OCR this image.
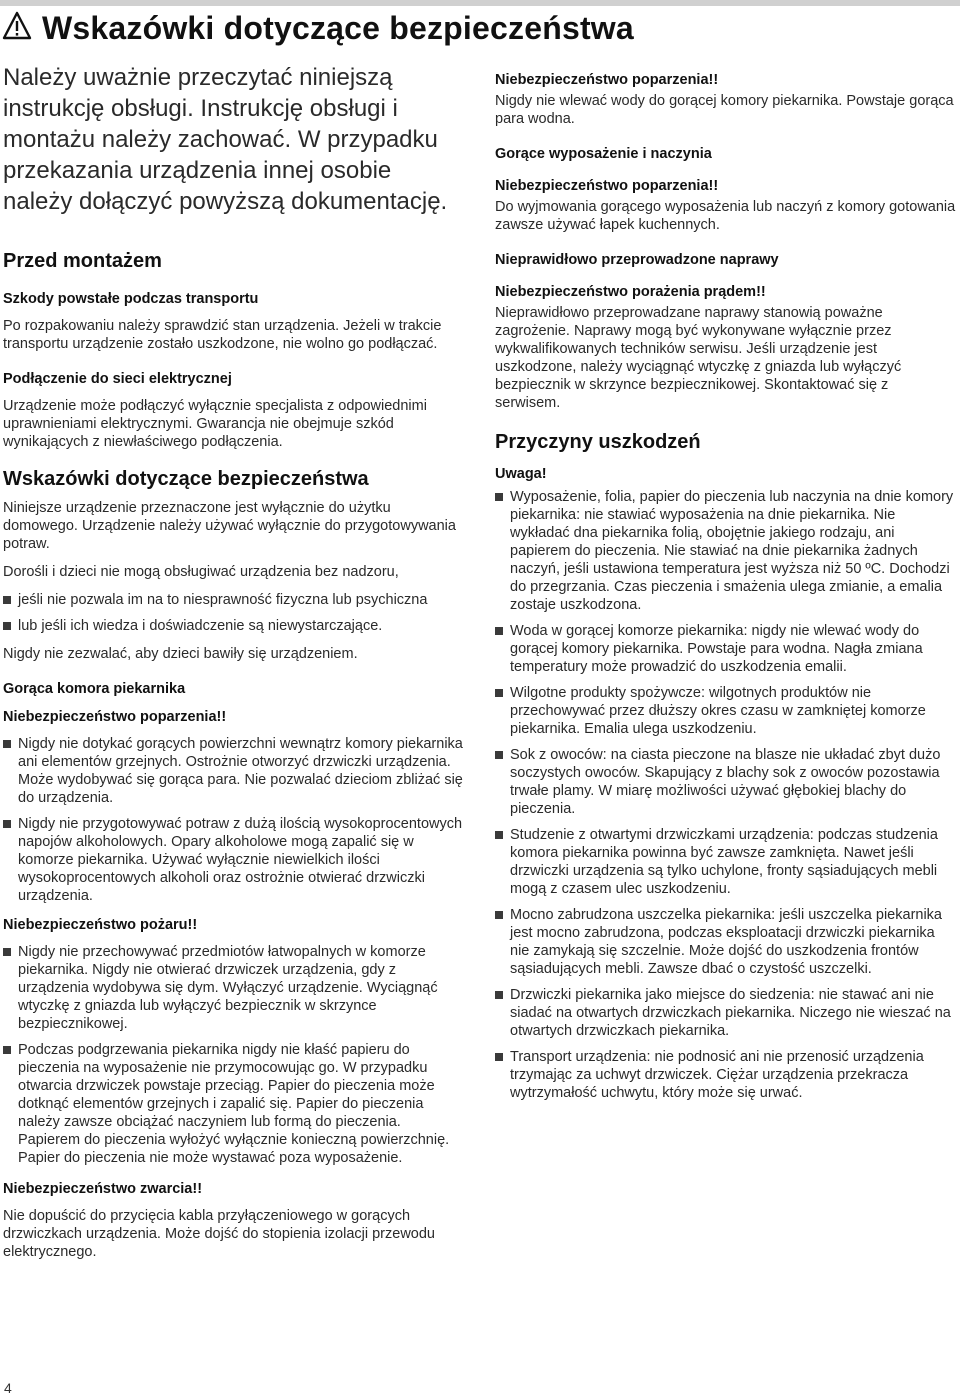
Wskazówki dotyczące bezpieczeństwa

Należy uważnie przeczytać niniejszą instrukcję obsługi. Instrukcję obsługi i montażu należy zachować. W przypadku przekazania urządzenia innej osobie należy dołączyć powyższą dokumentację.

Przed montażem
Szkody powstałe podczas transportu

Po rozpakowaniu należy sprawdzić stan urządzenia. Jeżeli w trakcie transportu urządzenie zostało uszkodzone, nie wolno go podłączać.

Podłączenie do sieci elektrycznej

Urządzenie może podłączyć wyłącznie specjalista z odpowiednimi uprawnieniami elektrycznymi. Gwarancja nie obejmuje szkód wynikających z niewłaściwego podłączenia.

Wskazówki dotyczące bezpieczeństwa

Niniejsze urządzenie przeznaczone jest wyłącznie do użytku domowego. Urządzenie należy używać wyłącznie do przygotowywania potraw.

Dorośli i dzieci nie mogą obsługiwać urządzenia bez nadzoru,

jeśli nie pozwala im na to niesprawność fizyczna lub psychiczna
lub jeśli ich wiedza i doświadczenie są niewystarczające.

Nigdy nie zezwalać, aby dzieci bawiły się urządzeniem.

Gorąca komora piekarnika
Niebezpieczeństwo poparzenia!!
Nigdy nie dotykać gorących powierzchni wewnątrz komory piekarnika ani elementów grzejnych. Ostrożnie otworzyć drzwiczki urządzenia. Może wydobywać się gorąca para. Nie pozwalać dzieciom zbliżać się do urządzenia.
Nigdy nie przygotowywać potraw z dużą ilością wysokoprocentowych napojów alkoholowych. Opary alkoholowe mogą zapalić się w komorze piekarnika. Używać wyłącznie niewielkich ilości wysokoprocentowych alkoholi oraz ostrożnie otwierać drzwiczki urządzenia.
Niebezpieczeństwo pożaru!!
Nigdy nie przechowywać przedmiotów łatwopalnych w komorze piekarnika. Nigdy nie otwierać drzwiczek urządzenia, gdy z urządzenia wydobywa się dym. Wyłączyć urządzenie. Wyciągnąć wtyczkę z gniazda lub wyłączyć bezpiecznik w skrzynce bezpiecznikowej.
Podczas podgrzewania piekarnika nigdy nie kłaść papieru do pieczenia na wyposażenie nie przymocowując go. W przypadku otwarcia drzwiczek powstaje przeciąg. Papier do pieczenia może dotknąć elementów grzejnych i zapalić się. Papier do pieczenia należy zawsze obciążać naczyniem lub formą do pieczenia. Papierem do pieczenia wyłożyć wyłącznie konieczną powierzchnię. Papier do pieczenia nie może wystawać poza wyposażenie.
Niebezpieczeństwo zwarcia!!

Nie dopuścić do przycięcia kabla przyłączeniowego w gorących drzwiczkach urządzenia. Może dojść do stopienia izolacji przewodu elektrycznego.

Niebezpieczeństwo poparzenia!!

Nigdy nie wlewać wody do gorącej komory piekarnika. Powstaje gorąca para wodna.

Gorące wyposażenie i naczynia
Niebezpieczeństwo poparzenia!!

Do wyjmowania gorącego wyposażenia lub naczyń z komory gotowania zawsze używać łapek kuchennych.

Nieprawidłowo przeprowadzone naprawy
Niebezpieczeństwo porażenia prądem!!

Nieprawidłowo przeprowadzane naprawy stanowią poważne zagrożenie. Naprawy mogą być wykonywane wyłącznie przez wykwalifikowanych techników serwisu. Jeśli urządzenie jest uszkodzone, należy wyciągnąć wtyczkę z gniazda lub wyłączyć bezpiecznik w skrzynce bezpiecznikowej. Skontaktować się z serwisem.

Przyczyny uszkodzeń
Uwaga!
Wyposażenie, folia, papier do pieczenia lub naczynia na dnie komory piekarnika: nie stawiać wyposażenia na dnie piekarnika. Nie wykładać dna piekarnika folią, obojętnie jakiego rodzaju, ani papierem do pieczenia. Nie stawiać na dnie piekarnika żadnych naczyń, jeśli ustawiona temperatura jest wyższa niż 50 ºC. Dochodzi do przegrzania. Czas pieczenia i smażenia ulega zmianie, a emalia zostaje uszkodzona.
Woda w gorącej komorze piekarnika: nigdy nie wlewać wody do gorącej komory piekarnika. Powstaje para wodna. Nagła zmiana temperatury może prowadzić do uszkodzenia emalii.
Wilgotne produkty spożywcze: wilgotnych produktów nie przechowywać przez dłuższy okres czasu w zamkniętej komorze piekarnika. Emalia ulega uszkodzeniu.
Sok z owoców: na ciasta pieczone na blasze nie układać zbyt dużo soczystych owoców. Skapujący z blachy sok z owoców pozostawia trwałe plamy. W miarę możliwości używać głębokiej blachy do pieczenia.
Studzenie z otwartymi drzwiczkami urządzenia: podczas studzenia komora piekarnika powinna być zawsze zamknięta. Nawet jeśli drzwiczki urządzenia są tylko uchylone, fronty sąsiadujących mebli mogą z czasem ulec uszkodzeniu.
Mocno zabrudzona uszczelka piekarnika: jeśli uszczelka piekarnika jest mocno zabrudzona, podczas eksploatacji drzwiczki piekarnika nie zamykają się szczelnie. Może dojść do uszkodzenia frontów sąsiadujących mebli. Zawsze dbać o czystość uszczelki.
Drzwiczki piekarnika jako miejsce do siedzenia: nie stawać ani nie siadać na otwartych drzwiczkach piekarnika. Niczego nie wieszać na otwartych drzwiczkach piekarnika.
Transport urządzenia: nie podnosić ani nie przenosić urządzenia trzymając za uchwyt drzwiczek. Ciężar urządzenia przekracza wytrzymałość uchwytu, który może się urwać.
4
